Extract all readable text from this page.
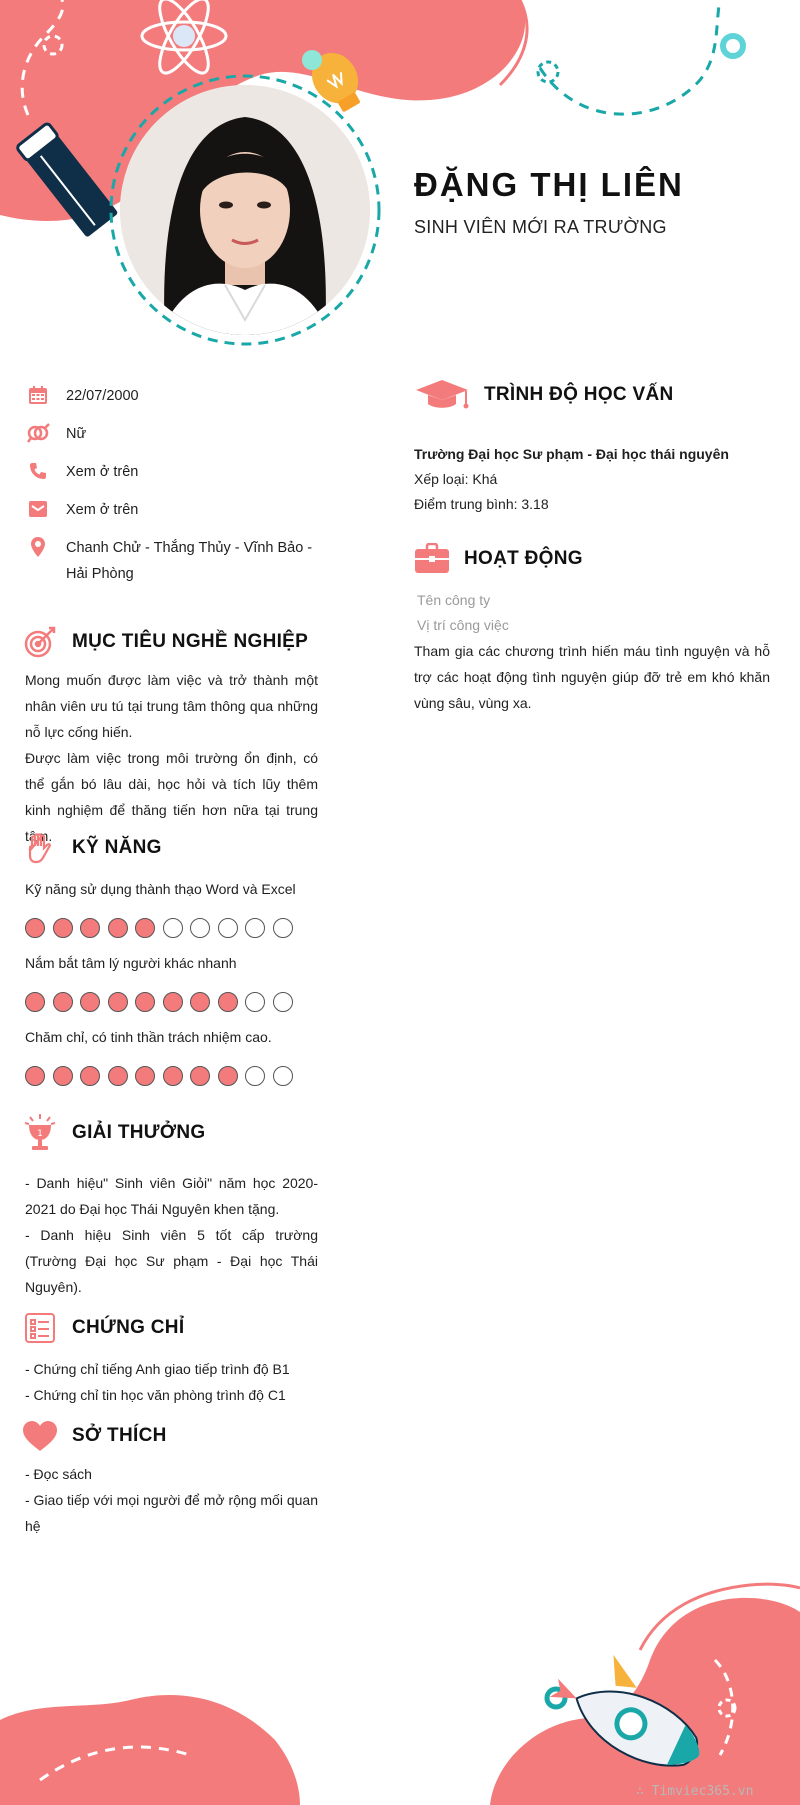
ĐẶNG THỊ LIÊN
SINH VIÊN MỚI RA TRƯỜNG
22/07/2000
Nữ
Xem ở trên
Xem ở trên
Chanh Chử - Thắng Thủy - Vĩnh Bảo - Hải Phòng
MỤC TIÊU NGHỀ NGHIỆP

Mong muốn được làm việc và trở thành một nhân viên ưu tú tại trung tâm thông qua những nỗ lực cống hiến.

Được làm việc trong môi trường ổn định, có thể gắn bó lâu dài, học hỏi và tích lũy thêm kinh nghiệm để thăng tiến hơn nữa tại trung tâm.

KỸ NĂNG
Kỹ năng sử dụng thành thạo Word và Excel
Nắm bắt tâm lý người khác nhanh
Chăm chỉ, có tinh thần trách nhiệm cao.
1 GIẢI THƯỞNG

- Danh hiệu" Sinh viên Giỏi" năm học 2020-2021 do Đại học Thái Nguyên khen tặng.

- Danh hiệu Sinh viên 5 tốt cấp trường (Trường Đại học Sư phạm - Đại học Thái Nguyên).

CHỨNG CHỈ

- Chứng chỉ tiếng Anh giao tiếp trình độ B1

- Chứng chỉ tin học văn phòng trình độ C1

SỞ THÍCH

- Đọc sách

- Giao tiếp với mọi người để mở rộng mối quan hệ

TRÌNH ĐỘ HỌC VẤN
Trường Đại học Sư phạm - Đại học thái nguyên
Xếp loại: Khá
Điểm trung bình: 3.18
HOẠT ĐỘNG
Tên công ty
Vị trí công việc
Tham gia các chương trình hiến máu tình nguyện và hỗ trợ các hoạt động tình nguyện giúp đỡ trẻ em khó khăn vùng sâu, vùng xa.
∴ Timviec365.vn
